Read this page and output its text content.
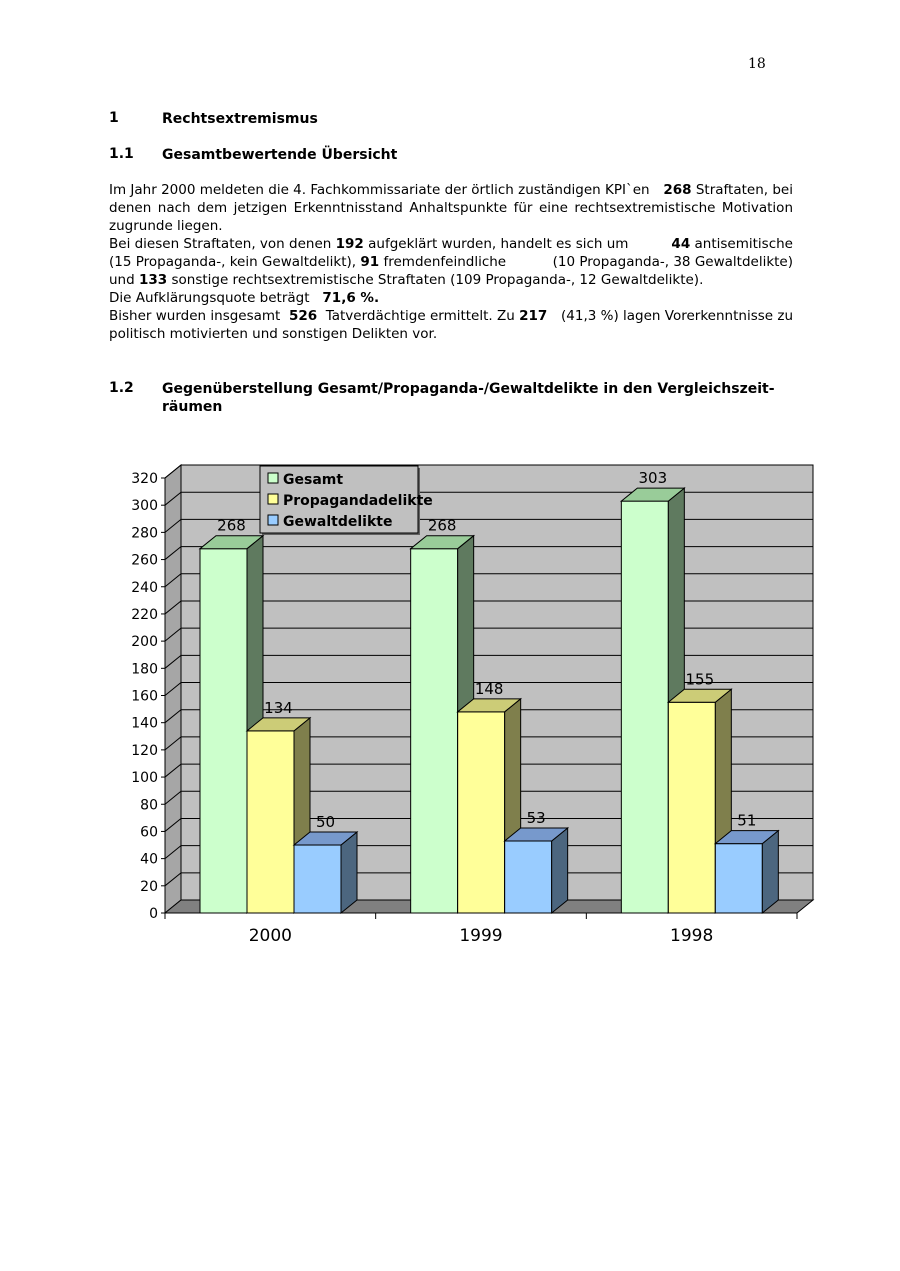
18
1	Rechtsextremismus
1.1 Gesamtbewertende Übersicht
Im Jahr 2000 meldeten die 4. Fachkommissariate der örtlich zuständigen KPI`en 268 Straftaten, bei
denen nach dem jetzigen Erkenntnisstand Anhaltspunkte für eine rechtsextremistische Motivation
zugrunde liegen.
Bei diesen Straftaten, von denen 192 aufgeklärt wurden, handelt es sich um	44 antisemitische
(15 Propaganda-, kein Gewaltdelikt), 91 fremdenfeindliche	(10 Propaganda-, 38 Gewaltdelikte)
und 133 sonstige rechtsextremistische Straftaten (109 Propaganda-, 12 Gewaltdelikte).
Die Aufklärungsquote beträgt 71,6 %.
Bisher wurden insgesamt 526 Tatverdächtige ermittelt. Zu 217 (41,3 %) lagen Vorerkenntnisse zu
politisch motivierten und sonstigen Delikten vor.
1.2 Gegenüberstellung Gesamt/Propaganda-/Gewaltdelikte in den Vergleichszeit-
räumen
0
20
40
60
80
100
120
140
160
180
200
220
240
260
280
300
320
268
134
50
2000
268
148
53
1999
303
155
51
1998
Gesamt
Propagandadelikte
Gewaltdelikte
